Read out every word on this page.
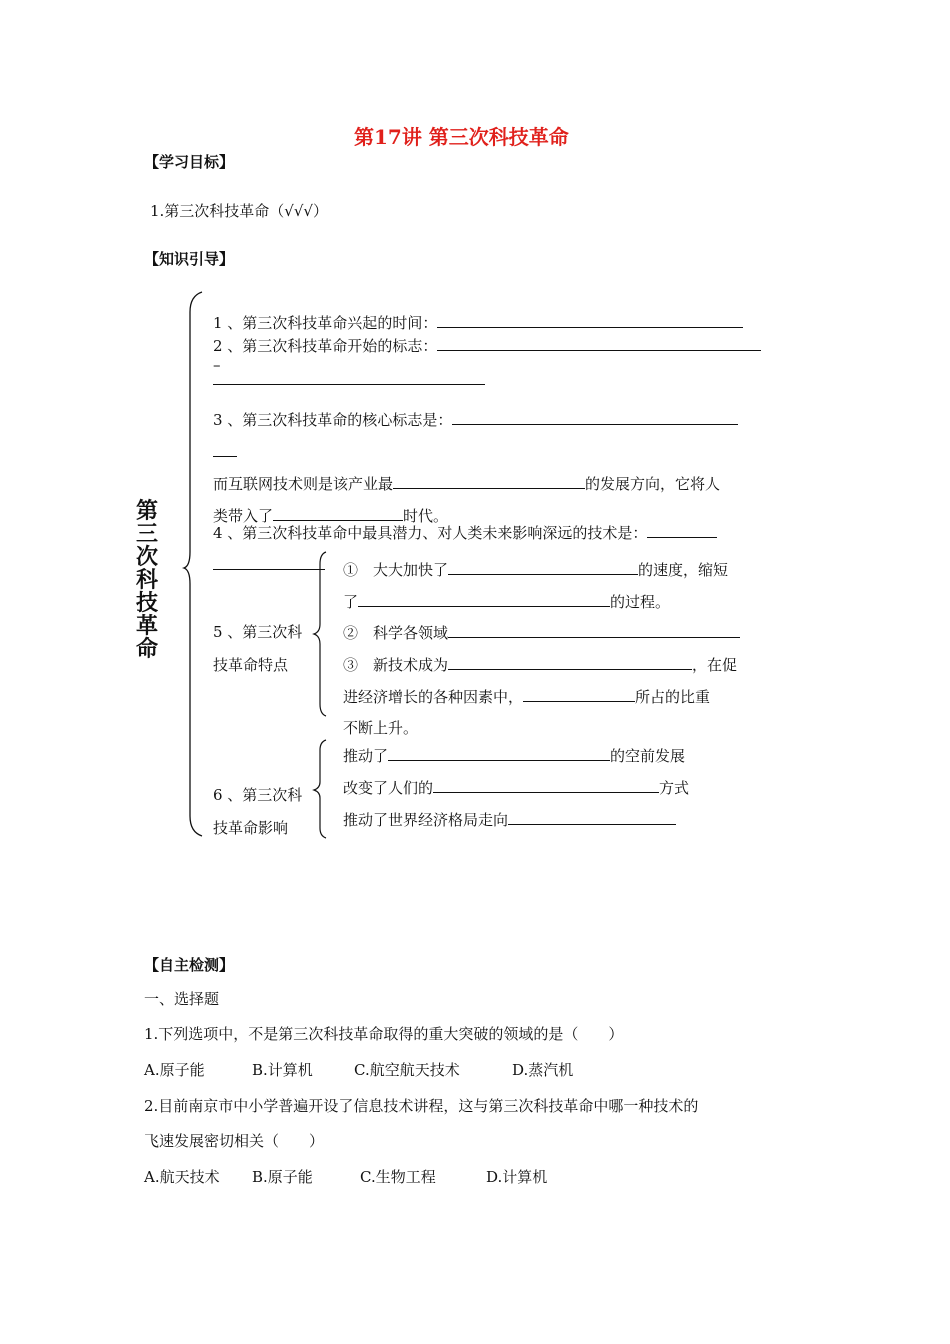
第17讲 第三次科技革命
【学习目标】
1.第三次科技革命（√√√）
【知识引导】
第
三
次
科
技
革
命
1 、第三次科技革命兴起的时间：
2 、第三次科技革命开始的标志：
–
3 、第三次科技革命的核心标志是：
而互联网技术则是该产业最	的发展方向，它将人
类带入了	时代。
4 、第三次科技革命中最具潜力、对人类未来影响深远的技术是：
5 、第三次科
技革命特点
①　大大加快了	的速度，缩短
了	的过程。
②　科学各领域
③　新技术成为	，在促
进经济增长的各种因素中，	所占的比重
不断上升。
6 、第三次科
技革命影响
推动了	的空前发展
改变了人们的	方式
推动了世界经济格局走向
【自主检测】
一、选择题
1.下列选项中，不是第三次科技革命取得的重大突破的领域的是（　　）
A.原子能	B.计算机	C.航空航天技术	D.蒸汽机
2.目前南京市中小学普遍开设了信息技术讲程，这与第三次科技革命中哪一种技术的
飞速发展密切相关（　　）
A.航天技术 B.原子能	C.生物工程	D.计算机
